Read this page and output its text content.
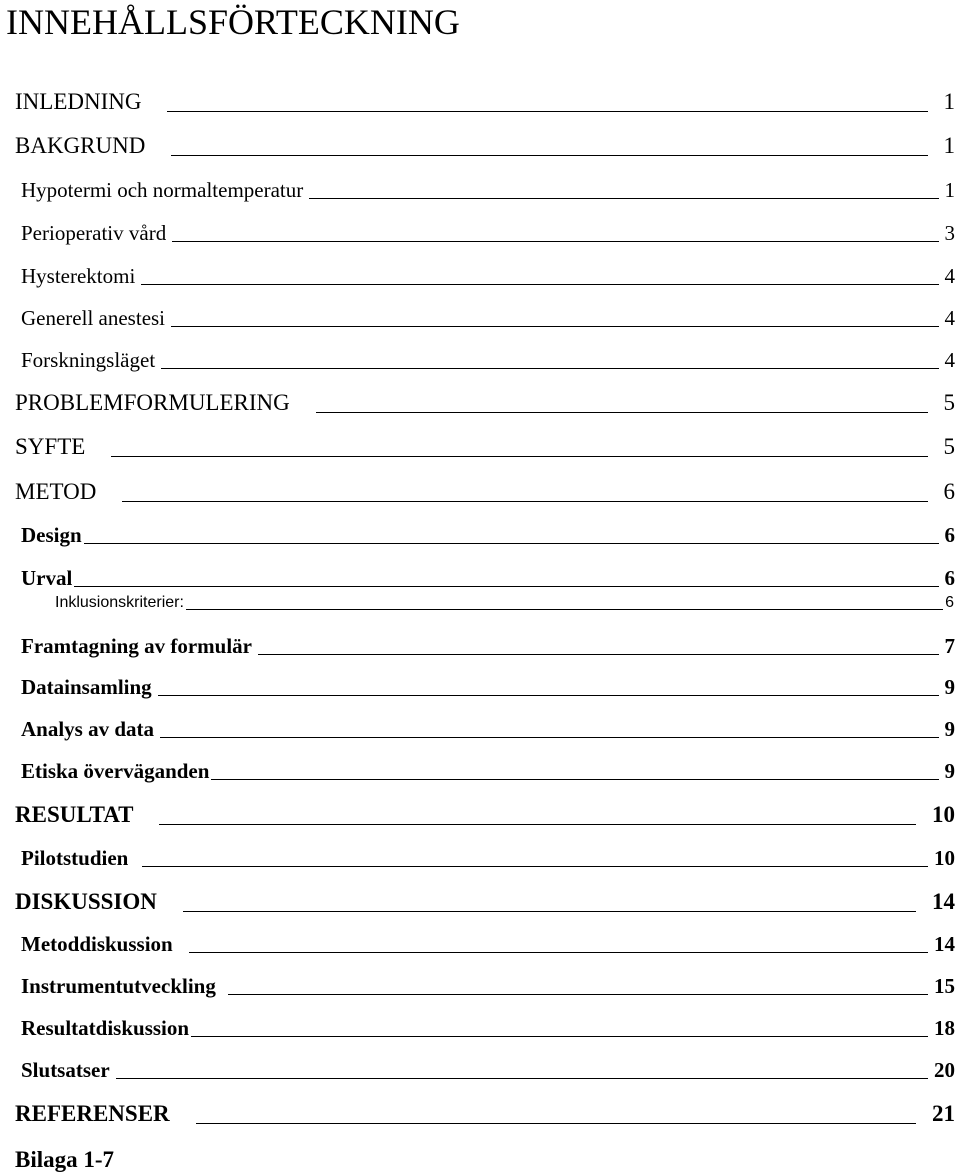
INNEHÅLLSFÖRTECKNING
INLEDNING	1
BAKGRUND	1
Hypotermi och normaltemperatur	1
Perioperativ vård	3
Hysterektomi	4
Generell anestesi	4
Forskningsläget	4
PROBLEMFORMULERING	5
SYFTE	5
METOD	6
Design	6
Urval	6
Inklusionskriterier:	6
Framtagning av formulär	7
Datainsamling	9
Analys av data	9
Etiska överväganden	9
RESULTAT	10
Pilotstudien	10
DISKUSSION	14
Metoddiskussion	14
Instrumentutveckling	15
Resultatdiskussion	18
Slutsatser	20
REFERENSER	21
Bilaga 1-7
